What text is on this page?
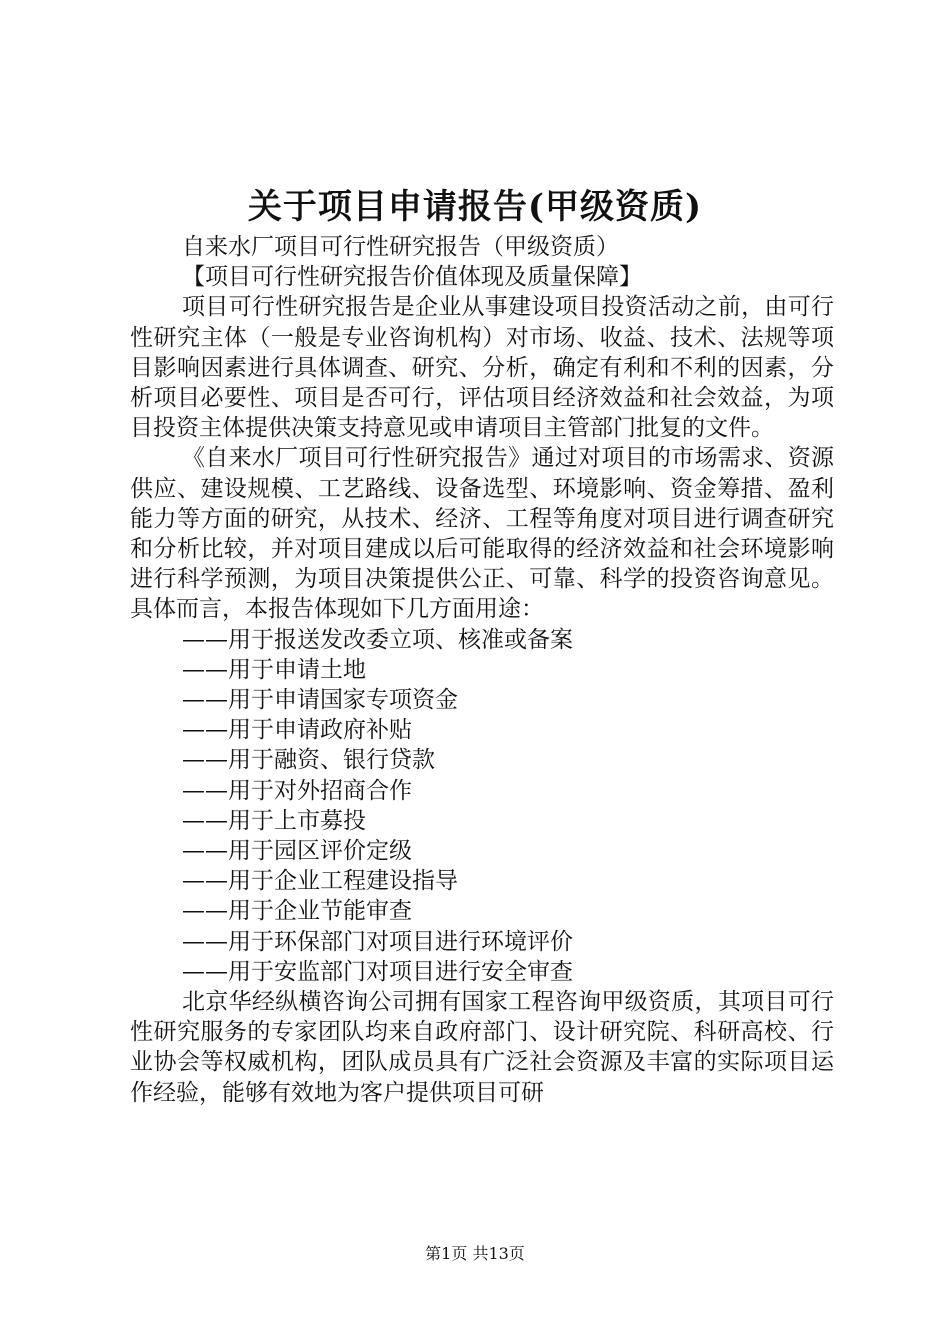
关于项目申请报告(甲级资质)

自来水厂项目可行性研究报告（甲级资质）

【项目可行性研究报告价值体现及质量保障】

项目可行性研究报告是企业从事建设项目投资活动之前，由可行性研究主体（一般是专业咨询机构）对市场、收益、技术、法规等项目影响因素进行具体调查、研究、分析，确定有利和不利的因素，分析项目必要性、项目是否可行，评估项目经济效益和社会效益，为项目投资主体提供决策支持意见或申请项目主管部门批复的文件。

《自来水厂项目可行性研究报告》通过对项目的市场需求、资源供应、建设规模、工艺路线、设备选型、环境影响、资金筹措、盈利能力等方面的研究，从技术、经济、工程等角度对项目进行调查研究和分析比较，并对项目建成以后可能取得的经济效益和社会环境影响进行科学预测，为项目决策提供公正、可靠、科学的投资咨询意见。具体而言，本报告体现如下几方面用途：

——用于报送发改委立项、核准或备案

——用于申请土地

——用于申请国家专项资金

——用于申请政府补贴

——用于融资、银行贷款

——用于对外招商合作

——用于上市募投

——用于园区评价定级

——用于企业工程建设指导

——用于企业节能审查

——用于环保部门对项目进行环境评价

——用于安监部门对项目进行安全审查

北京华经纵横咨询公司拥有国家工程咨询甲级资质，其项目可行性研究服务的专家团队均来自政府部门、设计研究院、科研高校、行业协会等权威机构，团队成员具有广泛社会资源及丰富的实际项目运作经验，能够有效地为客户提供项目可研

第1页 共13页
